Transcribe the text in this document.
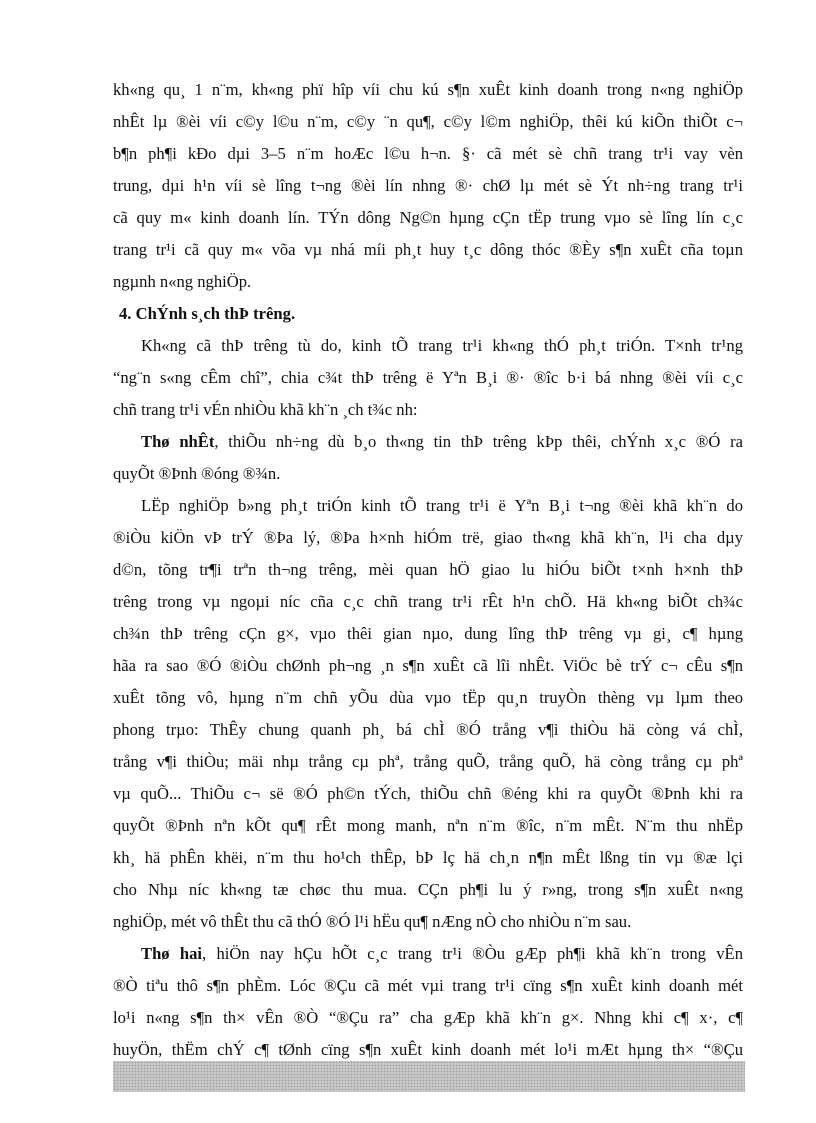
kh«ng qu¸ 1 n¨m, kh«ng phï hîp víi chu kú s¶n xuÊt kinh doanh trong n«ng nghiÖp
nhÊt lµ ®èi víi c©y l©u n¨m, c©y ¨n qu¶, c©y l©m nghiÖp, thêi kú kiÕn thiÕt c¬
b¶n ph¶i kÐo dµi 3–5 n¨m hoÆc l©u h¬n. §· cã mét sè chñ trang tr¹i vay vèn
trung, dµi h¹n víi sè lîng t¬ng ®èi lín nhng ®· chØ lµ mét sè Ýt nh÷ng trang tr¹i
cã quy m« kinh doanh lín. TÝn dông Ng©n hµng cÇn tËp trung vµo sè lîng lín c¸c
trang tr¹i cã quy m« võa vµ nhá míi ph¸t huy t¸c dông thóc ®Èy s¶n xuÊt cña toµn
ngµnh n«ng nghiÖp.
4. ChÝnh s¸ch thÞ trêng.
Kh«ng cã thÞ trêng tù do, kinh tÕ trang tr¹i kh«ng thÓ ph¸t triÓn. T×nh tr¹ng
“ng¨n s«ng cÊm chî”, chia c¾t thÞ trêng ë Yªn B¸i ®· ®îc b·i bá nhng ®èi víi c¸c
chñ trang tr¹i vÉn nhiÒu khã kh¨n ¸ch t¾c nh:
Thø nhÊt, thiÕu nh÷ng dù b¸o th«ng tin thÞ trêng kÞp thêi, chÝnh x¸c ®Ó ra
quyÕt ®Þnh ®óng ®¾n.
LËp nghiÖp b»ng ph¸t triÓn kinh tÕ trang tr¹i ë Yªn B¸i t¬ng ®èi khã kh¨n do
®iÒu kiÖn vÞ trÝ ®Þa lý, ®Þa h×nh hiÓm trë, giao th«ng khã kh¨n, l¹i cha dµy
d©n, tõng tr¶i trªn th¬ng trêng, mèi quan hÖ giao lu hiÓu biÕt t×nh h×nh thÞ
trêng trong vµ ngoµi níc cña c¸c chñ trang tr¹i rÊt h¹n chÕ. Hä kh«ng biÕt ch¾c
ch¾n thÞ trêng cÇn g×, vµo thêi gian nµo, dung lîng thÞ trêng vµ gi¸ c¶ hµng
hãa ra sao ®Ó ®iÒu chØnh ph¬ng ¸n s¶n xuÊt cã lîi nhÊt. ViÖc bè trÝ c¬ cÊu s¶n
xuÊt tõng vô, hµng n¨m chñ yÕu dùa vµo tËp qu¸n truyÒn thèng vµ lµm theo
phong trµo: ThÊy chung quanh ph¸ bá chÌ ®Ó trång v¶i thiÒu hä còng vá chÌ,
trång v¶i thiÒu; mäi nhµ trång cµ phª, trång quÕ, trång quÕ, hä còng trång cµ phª
vµ quÕ... ThiÕu c¬ së ®Ó ph©n tÝch, thiÕu chñ ®éng khi ra quyÕt ®Þnh khi ra
quyÕt ®Þnh nªn kÕt qu¶ rÊt mong manh, nªn n¨m ®îc, n¨m mÊt. N¨m thu nhËp
kh¸ hä phÊn khëi, n¨m thu ho¹ch thÊp, bÞ lç hä ch¸n n¶n mÊt lßng tin vµ ®æ lçi
cho Nhµ níc kh«ng tæ chøc thu mua. CÇn ph¶i lu ý r»ng, trong s¶n xuÊt n«ng
nghiÖp, mét vô thÊt thu cã thÓ ®Ó l¹i hËu qu¶ nÆng nÒ cho nhiÒu n¨m sau.
Thø hai, hiÖn nay hÇu hÕt c¸c trang tr¹i ®Òu gÆp ph¶i khã kh¨n trong vÊn
®Ò tiªu thô s¶n phÈm. Lóc ®Çu cã mét vµi trang tr¹i cïng s¶n xuÊt kinh doanh mét
lo¹i n«ng s¶n th× vÊn ®Ò “®Çu ra” cha gÆp khã kh¨n g×. Nhng khi c¶ x·, c¶
huyÖn, thËm chÝ c¶ tØnh cïng s¶n xuÊt kinh doanh mét lo¹i mÆt hµng th× “®Çu
